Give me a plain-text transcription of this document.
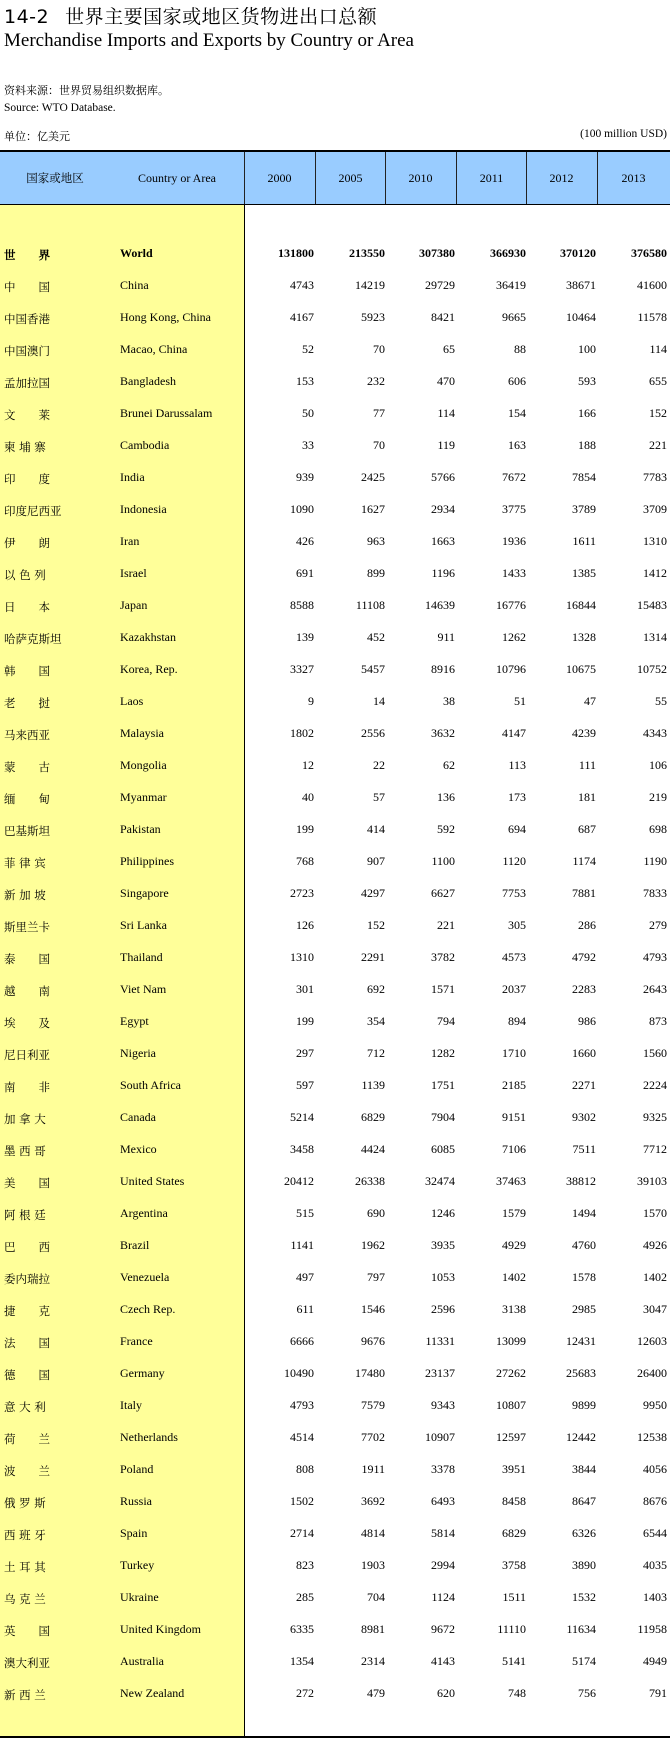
14-2 世界主要国家或地区货物进出口总额
Merchandise Imports and Exports by Country or Area
资料来源：世界贸易组织数据库。
Source: WTO Database.
单位：亿美元	(100 million USD)
国家或地区	Country or Area	2000	2005	2010	2011	2012	2013
世　　界	World	131800	213550	307380	366930	370120	376580
中　　国	China	4743	14219	29729	36419	38671	41600
中国香港	Hong Kong, China	4167	5923	8421	9665	10464	11578
中国澳门	Macao, China	52	70	65	88	100	114
孟加拉国	Bangladesh	153	232	470	606	593	655
文　　莱	Brunei Darussalam	50	77	114	154	166	152
柬 埔 寨	Cambodia	33	70	119	163	188	221
印　　度	India	939	2425	5766	7672	7854	7783
印度尼西亚	Indonesia	1090	1627	2934	3775	3789	3709
伊　　朗	Iran	426	963	1663	1936	1611	1310
以 色 列	Israel	691	899	1196	1433	1385	1412
日　　本	Japan	8588	11108	14639	16776	16844	15483
哈萨克斯坦	Kazakhstan	139	452	911	1262	1328	1314
韩　　国	Korea, Rep.	3327	5457	8916	10796	10675	10752
老　　挝	Laos	9	14	38	51	47	55
马来西亚	Malaysia	1802	2556	3632	4147	4239	4343
蒙　　古	Mongolia	12	22	62	113	111	106
缅　　甸	Myanmar	40	57	136	173	181	219
巴基斯坦	Pakistan	199	414	592	694	687	698
菲 律 宾	Philippines	768	907	1100	1120	1174	1190
新 加 坡	Singapore	2723	4297	6627	7753	7881	7833
斯里兰卡	Sri Lanka	126	152	221	305	286	279
泰　　国	Thailand	1310	2291	3782	4573	4792	4793
越　　南	Viet Nam	301	692	1571	2037	2283	2643
埃　　及	Egypt	199	354	794	894	986	873
尼日利亚	Nigeria	297	712	1282	1710	1660	1560
南　　非	South Africa	597	1139	1751	2185	2271	2224
加 拿 大	Canada	5214	6829	7904	9151	9302	9325
墨 西 哥	Mexico	3458	4424	6085	7106	7511	7712
美　　国	United States	20412	26338	32474	37463	38812	39103
阿 根 廷	Argentina	515	690	1246	1579	1494	1570
巴　　西	Brazil	1141	1962	3935	4929	4760	4926
委内瑞拉	Venezuela	497	797	1053	1402	1578	1402
捷　　克	Czech Rep.	611	1546	2596	3138	2985	3047
法　　国	France	6666	9676	11331	13099	12431	12603
德　　国	Germany	10490	17480	23137	27262	25683	26400
意 大 利	Italy	4793	7579	9343	10807	9899	9950
荷　　兰	Netherlands	4514	7702	10907	12597	12442	12538
波　　兰	Poland	808	1911	3378	3951	3844	4056
俄 罗 斯	Russia	1502	3692	6493	8458	8647	8676
西 班 牙	Spain	2714	4814	5814	6829	6326	6544
土 耳 其	Turkey	823	1903	2994	3758	3890	4035
乌 克 兰	Ukraine	285	704	1124	1511	1532	1403
英　　国	United Kingdom	6335	8981	9672	11110	11634	11958
澳大利亚	Australia	1354	2314	4143	5141	5174	4949
新 西 兰	New Zealand	272	479	620	748	756	791
